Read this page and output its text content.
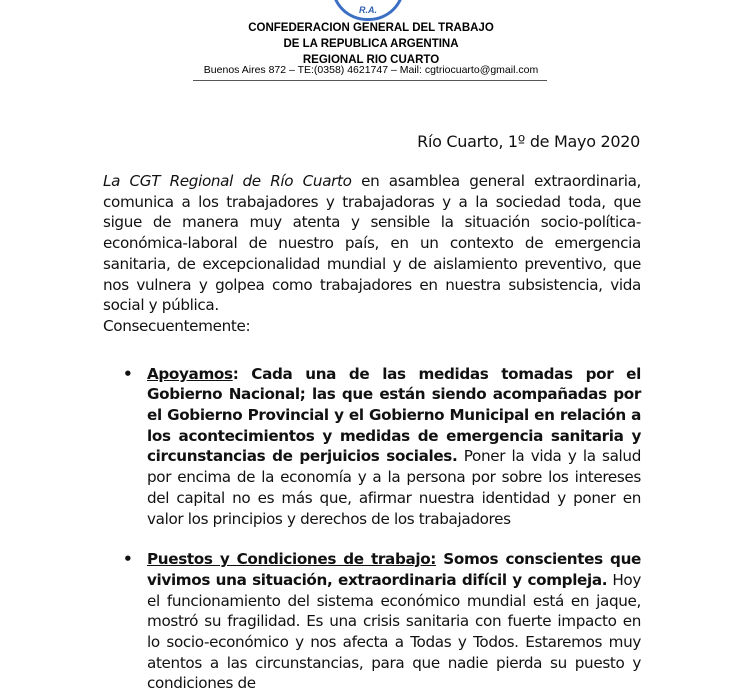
R.A.
CONFEDERACION GENERAL DEL TRABAJO
DE LA REPUBLICA ARGENTINA
REGIONAL RIO CUARTO
Buenos Aires 872 – TE:(0358) 4621747 – Mail: cgtriocuarto@gmail.com
Río Cuarto, 1º de Mayo 2020

La CGT Regional de Río Cuarto en asamblea general extraordinaria, comunica a los trabajadores y trabajadoras y a la sociedad toda, que sigue de manera muy atenta y sensible la situación socio-política-económica-laboral de nuestro país, en un contexto de emergencia sanitaria, de excepcionalidad mundial y de aislamiento preventivo, que nos vulnera y golpea como trabajadores en nuestra subsistencia, vida social y pública.

Consecuentemente:

• Apoyamos: Cada una de las medidas tomadas por el Gobierno Nacional; las que están siendo acompañadas por el Gobierno Provincial y el Gobierno Municipal en relación a los acontecimientos y medidas de emergencia sanitaria y circunstancias de perjuicios sociales. Poner la vida y la salud por encima de la economía y a la persona por sobre los intereses del capital no es más que, afirmar nuestra identidad y poner en valor los principios y derechos de los trabajadores
• Puestos y Condiciones de trabajo: Somos conscientes que vivimos una situación, extraordinaria difícil y compleja. Hoy el funcionamiento del sistema económico mundial está en jaque, mostró su fragilidad. Es una crisis sanitaria con fuerte impacto en lo socio-económico y nos afecta a Todas y Todos. Estaremos muy atentos a las circunstancias, para que nadie pierda su puesto y condiciones de
